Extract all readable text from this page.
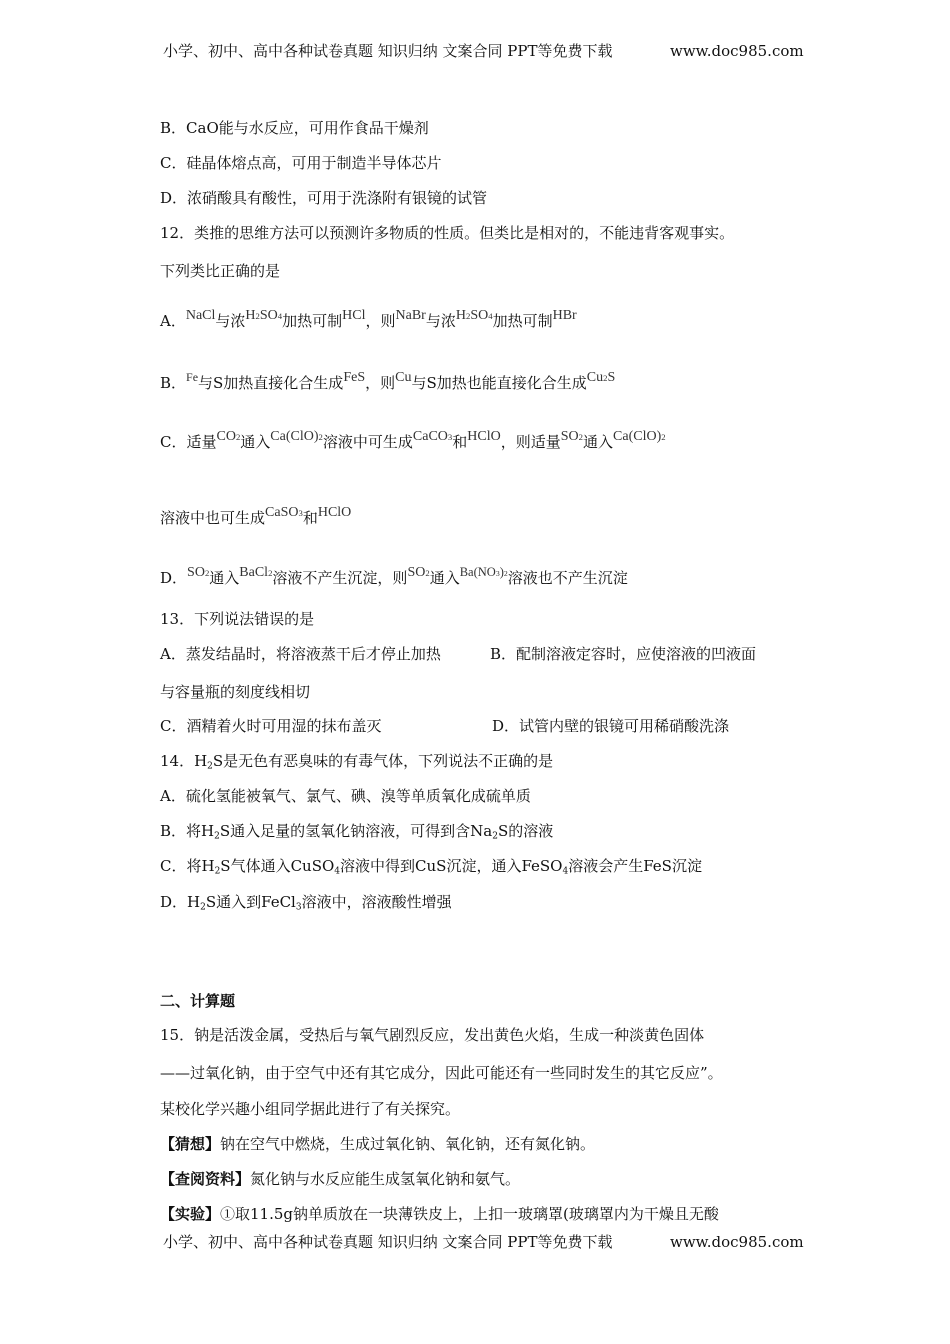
小学、初中、高中各种试卷真题 知识归纳 文案合同 PPT等免费下载	www.doc985.com
B．CaO能与水反应，可用作食品干燥剂
C．硅晶体熔点高，可用于制造半导体芯片
D．浓硝酸具有酸性，可用于洗涤附有银镜的试管
12．类推的思维方法可以预测许多物质的性质。但类比是相对的，不能违背客观事实。
下列类比正确的是
A．NaCl与浓H2SO4加热可制HCl，则NaBr与浓H2SO4加热可制HBr
B．$^{Fe}$与S加热直接化合生成FeS，则Cu与S加热也能直接化合生成Cu2S
C．适量CO2通入Ca(ClO)2溶液中可生成CaCO3和HClO，则适量SO2通入Ca(ClO)2
溶液中也可生成CaSO3和HClO
D．SO2通入BaCl2溶液不产生沉淀，则SO2通入$^{Ba(NO3)2}$溶液也不产生沉淀
13．下列说法错误的是
A．蒸发结晶时，将溶液蒸干后才停止加热	B．配制溶液定容时，应使溶液的凹液面
与容量瓶的刻度线相切
C．酒精着火时可用湿的抹布盖灭	D．试管内壁的银镜可用稀硝酸洗涤
14．H2S是无色有恶臭味的有毒气体，下列说法不正确的是
A．硫化氢能被氧气、氯气、碘、溴等单质氧化成硫单质
B．将H2S通入足量的氢氧化钠溶液，可得到含Na2S的溶液
C．将H2S气体通入CuSO4溶液中得到CuS沉淀，通入FeSO4溶液会产生FeS沉淀
D．H2S通入到FeCl3溶液中，溶液酸性增强
二、计算题
15．钠是活泼金属，受热后与氧气剧烈反应，发出黄色火焰，生成一种淡黄色固体
——过氧化钠，由于空气中还有其它成分，因此可能还有一些同时发生的其它反应”。
某校化学兴趣小组同学据此进行了有关探究。
【猜想】钠在空气中燃烧，生成过氧化钠、氧化钠，还有氮化钠。
【查阅资料】氮化钠与水反应能生成氢氧化钠和氨气。
【实验】①取11.5g钠单质放在一块薄铁皮上，上扣一玻璃罩(玻璃罩内为干燥且无酸
小学、初中、高中各种试卷真题 知识归纳 文案合同 PPT等免费下载	www.doc985.com
